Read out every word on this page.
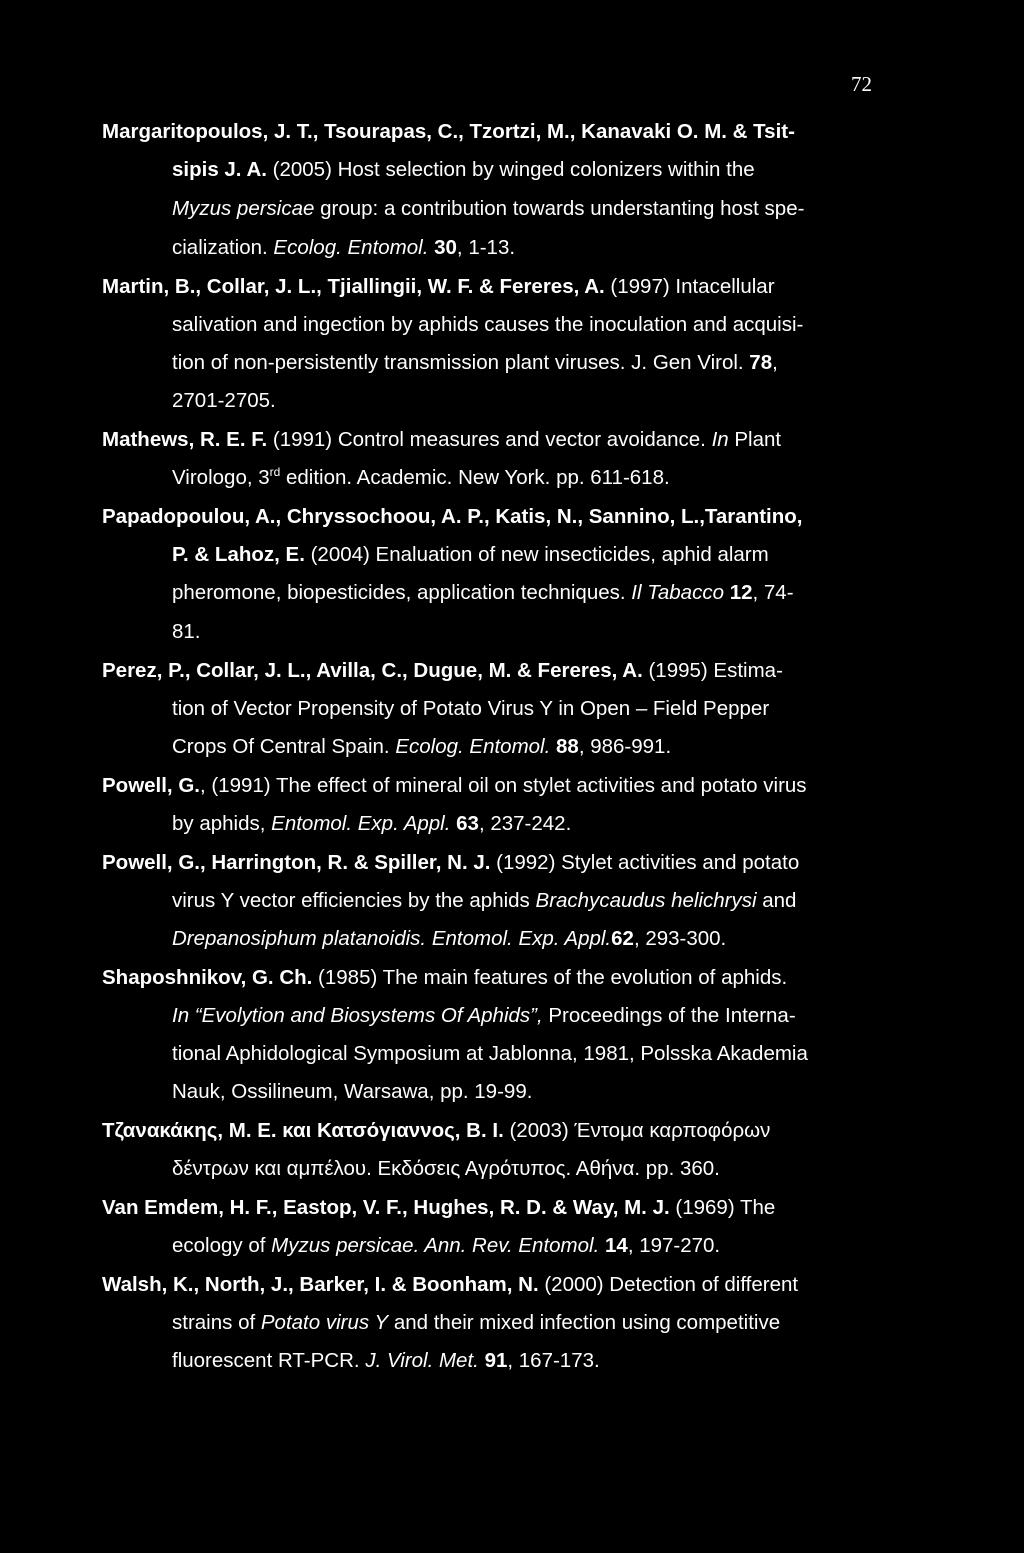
72
Margaritopoulos, J. T., Tsourapas, C., Tzortzi, M., Kanavaki O. M. & Tsit-
sipis J. A. (2005) Host selection by winged colonizers within the
Myzus persicae group: a contribution towards understanting host spe-
cialization. Ecolog. Entomol. 30, 1-13.
Martin, B., Collar, J. L., Tjiallingii, W. F. & Fereres, A. (1997) Intacellular
salivation and ingection by aphids causes the inoculation and acquisi-
tion of non-persistently transmission plant viruses. J. Gen Virol. 78,
2701-2705.
Mathews, R. E. F. (1991) Control measures and vector avoidance. In Plant
Virologo, 3rd edition. Academic. New York. pp. 611-618.
Papadopoulou, A., Chryssochoou, A. P., Katis, N., Sannino, L.,Tarantino,
P. & Lahoz, E. (2004) Enaluation of new insecticides, aphid alarm
pheromone, biopesticides, application techniques. Il Tabacco 12, 74-
81.
Perez, P., Collar, J. L., Avilla, C., Dugue, M. & Fereres, A. (1995) Estima-
tion of Vector Propensity of Potato Virus Y in Open – Field Pepper
Crops Of Central Spain. Ecolog. Entomol. 88, 986-991.
Powell, G., (1991) The effect of mineral oil on stylet activities and potato virus
by aphids, Entomol. Exp. Appl. 63, 237-242.
Powell, G., Harrington, R. & Spiller, N. J. (1992) Stylet activities and potato
virus Y vector efficiencies by the aphids Brachycaudus helichrysi and
Drepanosiphum platanoidis. Entomol. Exp. Appl.62, 293-300.
Shaposhnikov, G. Ch. (1985) The main features of the evolution of aphids.
In “Evolytion and Biosystems Of Aphids”, Proceedings of the Interna-
tional Aphidological Symposium at Jablonna, 1981, Polsska Akademia
Nauk, Ossilineum, Warsawa, pp. 19-99.
Τζανακάκης, Μ. Ε. και Κατσόγιαννος, Β. Ι. (2003) Έντομα καρποφόρων
δέντρων και αμπέλου. Εκδόσεις Αγρότυπος. Αθήνα. pp. 360.
Van Emdem, H. F., Eastop, V. F., Hughes, R. D. & Way, M. J. (1969) The
ecology of Myzus persicae. Ann. Rev. Entomol. 14, 197-270.
Walsh, K., North, J., Barker, I. & Boonham, N. (2000) Detection of different
strains of Potato virus Y and their mixed infection using competitive
fluorescent RT-PCR. J. Virol. Met. 91, 167-173.
